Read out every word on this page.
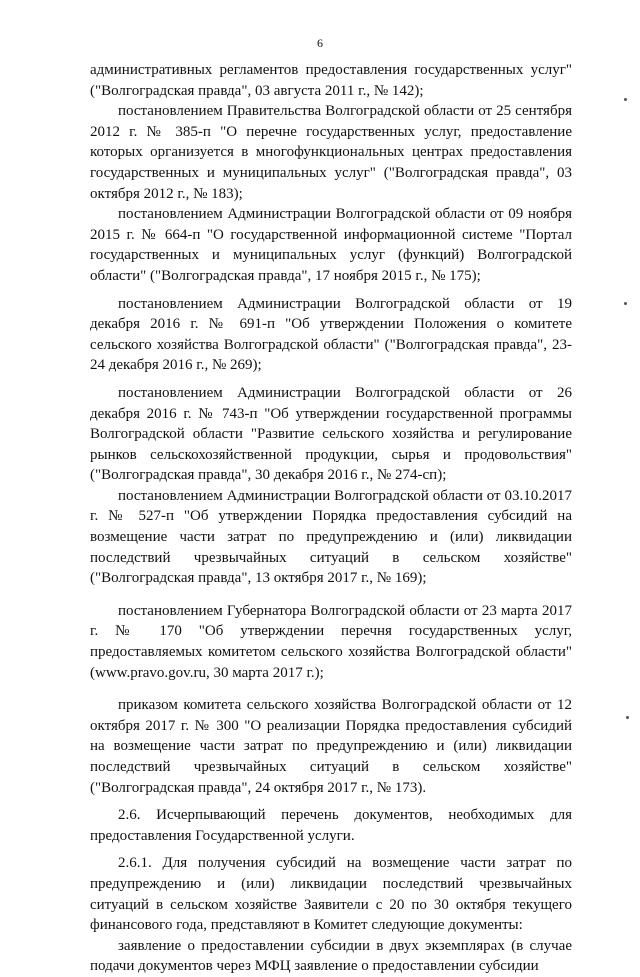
6

административных регламентов предоставления государственных услуг" ("Волгоградская правда", 03 августа 2011 г., № 142);

постановлением Правительства Волгоградской области от 25 сентября 2012 г. № 385-п "О перечне государственных услуг, предоставление которых организуется в многофункциональных центрах предоставления государственных и муниципальных услуг" ("Волгоградская правда", 03 октября 2012 г., № 183);

постановлением Администрации Волгоградской области от 09 ноября 2015 г. № 664-п "О государственной информационной системе "Портал государственных и муниципальных услуг (функций) Волгоградской области" ("Волгоградская правда", 17 ноября 2015 г., № 175);

постановлением Администрации Волгоградской области от 19 декабря 2016 г. № 691-п "Об утверждении Положения о комитете сельского хозяйства Волгоградской области" ("Волгоградская правда", 23-24 декабря 2016 г., № 269);

постановлением Администрации Волгоградской области от 26 декабря 2016 г. № 743-п "Об утверждении государственной программы Волгоградской области "Развитие сельского хозяйства и регулирование рынков сельскохозяйственной продукции, сырья и продовольствия" ("Волгоградская правда", 30 декабря 2016 г., № 274-сп);

постановлением Администрации Волгоградской области от 03.10.2017 г. № 527-п "Об утверждении Порядка предоставления субсидий на возмещение части затрат по предупреждению и (или) ликвидации последствий чрезвычайных ситуаций в сельском хозяйстве" ("Волгоградская правда", 13 октября 2017 г., № 169);

постановлением Губернатора Волгоградской области от 23 марта 2017 г. № 170 "Об утверждении перечня государственных услуг, предоставляемых комитетом сельского хозяйства Волгоградской области" (www.pravo.gov.ru, 30 марта 2017 г.);

приказом комитета сельского хозяйства Волгоградской области от 12 октября 2017 г. № 300 "О реализации Порядка предоставления субсидий на возмещение части затрат по предупреждению и (или) ликвидации последствий чрезвычайных ситуаций в сельском хозяйстве" ("Волгоградская правда", 24 октября 2017 г., № 173).

2.6. Исчерпывающий перечень документов, необходимых для предоставления Государственной услуги.

2.6.1. Для получения субсидий на возмещение части затрат по предупреждению и (или) ликвидации последствий чрезвычайных ситуаций в сельском хозяйстве Заявители с 20 по 30 октября текущего финансового года, представляют в Комитет следующие документы:

заявление о предоставлении субсидии в двух экземплярах (в случае подачи документов через МФЦ заявление о предоставлении субсидии
